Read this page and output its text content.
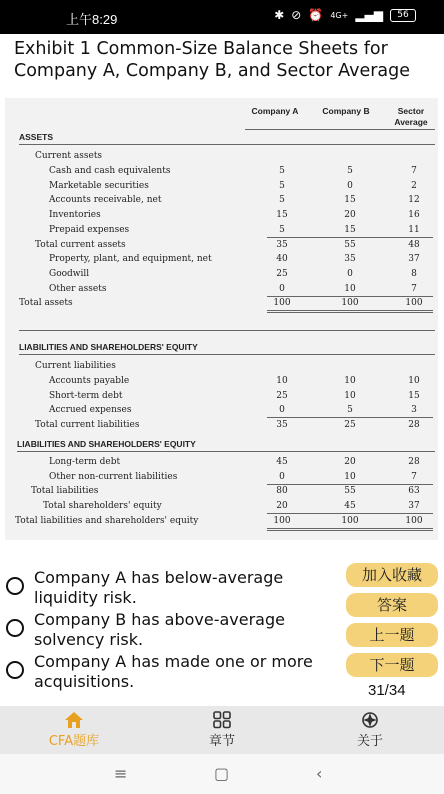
上午8:29	✱ ⊘ ⏰ 4G+ ▂▄▆	56
Exhibit 1 Common-Size Balance Sheets for Company A, Company B, and Sector Average
Company A	Company B	Sector Average
ASSETS
Current assets
Cash and cash equivalents	5	5	7
Marketable securities	5	0	2
Accounts receivable, net	5	15	12
Inventories	15	20	16
Prepaid expenses	5	15	11
Total current assets	35	55	48
Property, plant, and equipment, net	40	35	37
Goodwill	25	0	8
Other assets	0	10	7
Total assets	100	100	100
LIABILITIES AND SHAREHOLDERS' EQUITY
Current liabilities
Accounts payable	10	10	10
Short-term debt	25	10	15
Accrued expenses	0	5	3
Total current liabilities	35	25	28
LIABILITIES AND SHAREHOLDERS' EQUITY
Long-term debt	45	20	28
Other non-current liabilities	0	10	7
Total liabilities	80	55	63
Total shareholders' equity	20	45	37
Total liabilities and shareholders' equity	100	100	100
Company A has below-average liquidity risk.
Company B has above-average solvency risk.
Company A has made one or more acquisitions.
加入收藏
答案
上一题
下一题
31/34
CFA题库	章节	关于
≡	▢	‹
